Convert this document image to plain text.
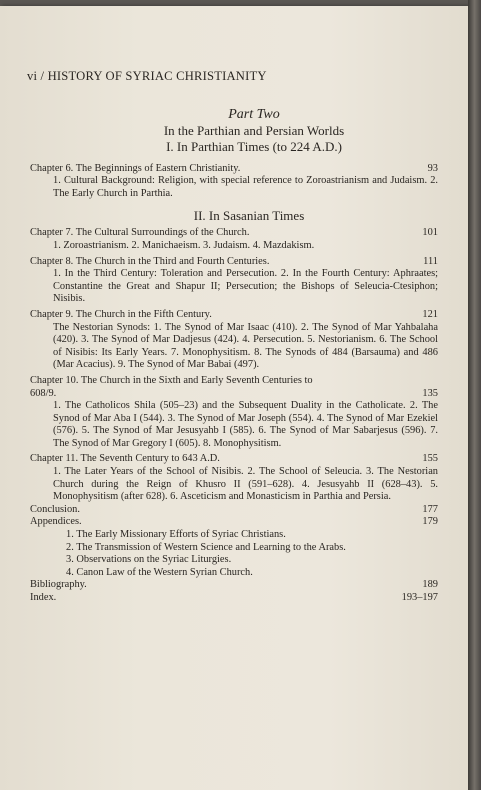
vi / HISTORY OF SYRIAC CHRISTIANITY
Part Two
In the Parthian and Persian Worlds
I. In Parthian Times (to 224 A.D.)
Chapter 6. The Beginnings of Eastern Christianity.	93
1. Cultural Background: Religion, with special reference to Zoroastrianism and Judaism. 2. The Early Church in Parthia.
II. In Sasanian Times
Chapter 7. The Cultural Surroundings of the Church.	101
1. Zoroastrianism. 2. Manichaeism. 3. Judaism. 4. Mazdakism.
Chapter 8. The Church in the Third and Fourth Centuries.	111
1. In the Third Century: Toleration and Persecution. 2. In the Fourth Century: Aphraates; Constantine the Great and Shapur II; Persecution; the Bishops of Seleucia-Ctesiphon; Nisibis.
Chapter 9. The Church in the Fifth Century.	121
The Nestorian Synods: 1. The Synod of Mar Isaac (410). 2. The Synod of Mar Yahbalaha (420). 3. The Synod of Mar Dadjesus (424). 4. Persecution. 5. Nestorianism. 6. The School of Nisibis: Its Early Years. 7. Monophysitism. 8. The Synods of 484 (Barsauma) and 486 (Mar Acacius). 9. The Synod of Mar Babai (497).
Chapter 10. The Church in the Sixth and Early Seventh Centuries to 608/9.	135
1. The Catholicos Shila (505–23) and the Subsequent Duality in the Catholicate. 2. The Synod of Mar Aba I (544). 3. The Synod of Mar Joseph (554). 4. The Synod of Mar Ezekiel (576). 5. The Synod of Mar Jesusyahb I (585). 6. The Synod of Mar Sabarjesus (596). 7. The Synod of Mar Gregory I (605). 8. Monophysitism.
Chapter 11. The Seventh Century to 643 A.D.	155
1. The Later Years of the School of Nisibis. 2. The School of Seleucia. 3. The Nestorian Church during the Reign of Khusro II (591–628). 4. Jesusyahb II (628–43). 5. Monophysitism (after 628). 6. Asceticism and Monasticism in Parthia and Persia.
Conclusion.	177
Appendices.	179
1. The Early Missionary Efforts of Syriac Christians.
2. The Transmission of Western Science and Learning to the Arabs.
3. Observations on the Syriac Liturgies.
4. Canon Law of the Western Syrian Church.
Bibliography.	189
Index.	193–197
